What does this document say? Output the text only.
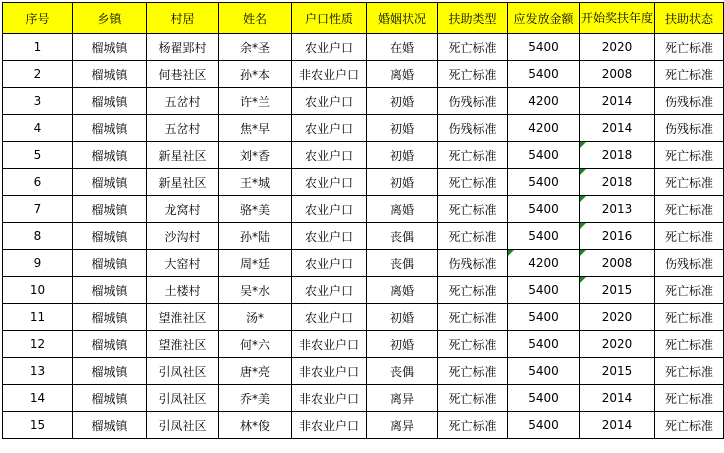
序号	乡镇	村居	姓名	户口性质	婚姻状况	扶助类型	应发放金额	开始奖扶年度	扶助状态
1	榴城镇	杨翟郢村	余*圣	农业户口	在婚	死亡标准	5400	2020	死亡标准
2	榴城镇	何巷社区	孙*本	非农业户口	离婚	死亡标准	5400	2008	死亡标准
3	榴城镇	五岔村	许*兰	农业户口	初婚	伤残标准	4200	2014	伤残标准
4	榴城镇	五岔村	焦*早	农业户口	初婚	伤残标准	4200	2014	伤残标准
5	榴城镇	新星社区	刘*香	农业户口	初婚	死亡标准	5400	2018	死亡标准
6	榴城镇	新星社区	王*城	农业户口	初婚	死亡标准	5400	2018	死亡标准
7	榴城镇	龙窝村	骆*美	农业户口	离婚	死亡标准	5400	2013	死亡标准
8	榴城镇	沙沟村	孙*陆	农业户口	丧偶	死亡标准	5400	2016	死亡标准
9	榴城镇	大窑村	周*廷	农业户口	丧偶	伤残标准	4200	2008	伤残标准
10	榴城镇	土楼村	吴*水	农业户口	离婚	死亡标准	5400	2015	死亡标准
11	榴城镇	望淮社区	汤*	农业户口	初婚	死亡标准	5400	2020	死亡标准
12	榴城镇	望淮社区	何*六	非农业户口	初婚	死亡标准	5400	2020	死亡标准
13	榴城镇	引凤社区	唐*亮	非农业户口	丧偶	死亡标准	5400	2015	死亡标准
14	榴城镇	引凤社区	乔*美	非农业户口	离异	死亡标准	5400	2014	死亡标准
15	榴城镇	引凤社区	林*俊	非农业户口	离异	死亡标准	5400	2014	死亡标准
